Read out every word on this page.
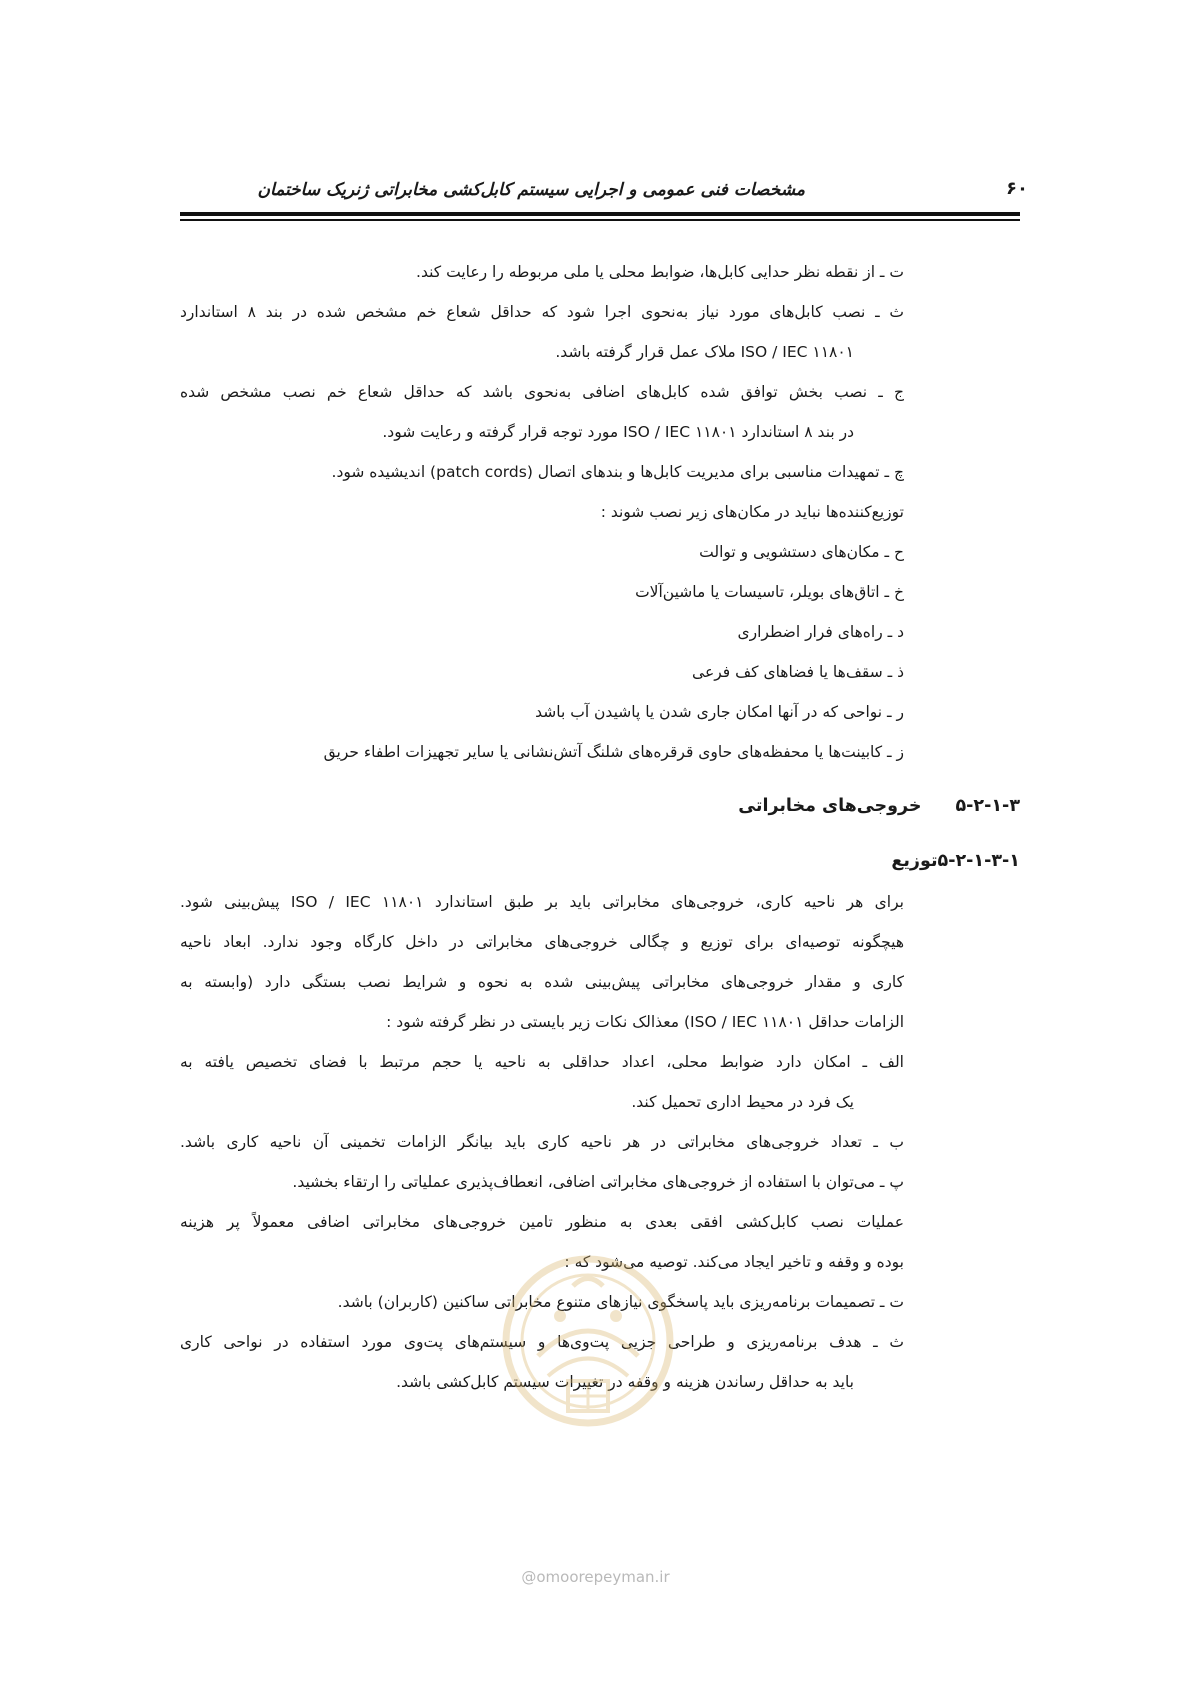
۶۰
مشخصات فنی عمومی و اجرایی سیستم کابل‌کشی مخابراتی ژنریک ساختمان
ت ـ از نقطه نظر حدایی کابل‌ها، ضوابط محلی یا ملی مربوطه را رعایت کند.
ث ـ نصب کابل‌های مورد نیاز به‌نحوی اجرا شود که حداقل شعاع خم مشخص شده در بند ۸ استاندارد
ISO / IEC ۱۱۸۰۱ ملاک عمل قرار گرفته باشد.
ج ـ نصب بخش توافق شده کابل‌های اضافی به‌نحوی باشد که حداقل شعاع خم نصب مشخص شده
در بند ۸ استاندارد ISO / IEC ۱۱۸۰۱ مورد توجه قرار گرفته و رعایت شود.
چ ـ تمهیدات مناسبی برای مدیریت کابل‌ها و بندهای اتصال (patch cords) اندیشیده شود.
توزیع‌کننده‌ها نباید در مکان‌های زیر نصب شوند :
ح ـ مکان‌های دستشویی و توالت
خ ـ اتاق‌های بویلر، تاسیسات یا ماشین‌آلات
د ـ راه‌های فرار اضطراری
ذ ـ سقف‌ها یا فضاهای کف فرعی
ر ـ نواحی که در آنها امکان جاری شدن یا پاشیدن آب باشد
ز ـ کابینت‌ها یا محفظه‌های حاوی قرقره‌های شلنگ آتش‌نشانی یا سایر تجهیزات اطفاء حریق
۵-۲-۱-۳خروجی‌های مخابراتی
۵-۲-۱-۳-۱توزیع
برای هر ناحیه کاری، خروجی‌های مخابراتی باید بر طبق استاندارد ISO / IEC ۱۱۸۰۱ پیش‌بینی شود.
هیچگونه توصیه‌ای برای توزیع و چگالی خروجی‌های مخابراتی در داخل کارگاه وجود ندارد. ابعاد ناحیه
کاری و مقدار خروجی‌های مخابراتی پیش‌بینی شده به نحوه و شرایط نصب بستگی دارد (وابسته به
الزامات حداقل ISO / IEC ۱۱۸۰۱) معذالک نکات زیر بایستی در نظر گرفته شود :
الف ـ امکان دارد ضوابط محلی، اعداد حداقلی به ناحیه یا حجم مرتبط با فضای تخصیص یافته به
یک فرد در محیط اداری تحمیل کند.
ب ـ تعداد خروجی‌های مخابراتی در هر ناحیه کاری باید بیانگر الزامات تخمینی آن ناحیه کاری باشد.
پ ـ می‌توان با استفاده از خروجی‌های مخابراتی اضافی، انعطاف‌پذیری عملیاتی را ارتقاء بخشید.
عملیات نصب کابل‌کشی افقی بعدی به منظور تامین خروجی‌های مخابراتی اضافی معمولاً پر هزینه
بوده و وقفه و تاخیر ایجاد می‌کند. توصیه می‌شود که :
ت ـ تصمیمات برنامه‌ریزی باید پاسخگوی نیازهای متنوع مخابراتی ساکنین (کاربران) باشد.
ث ـ هدف برنامه‌ریزی و طراحی جزیی پت‌وی‌ها و سیستم‌های پت‌وی مورد استفاده در نواحی کاری
باید به حداقل رساندن هزینه و وقفه در تغییرات سیستم کابل‌کشی باشد.
@omoorepeyman.ir
